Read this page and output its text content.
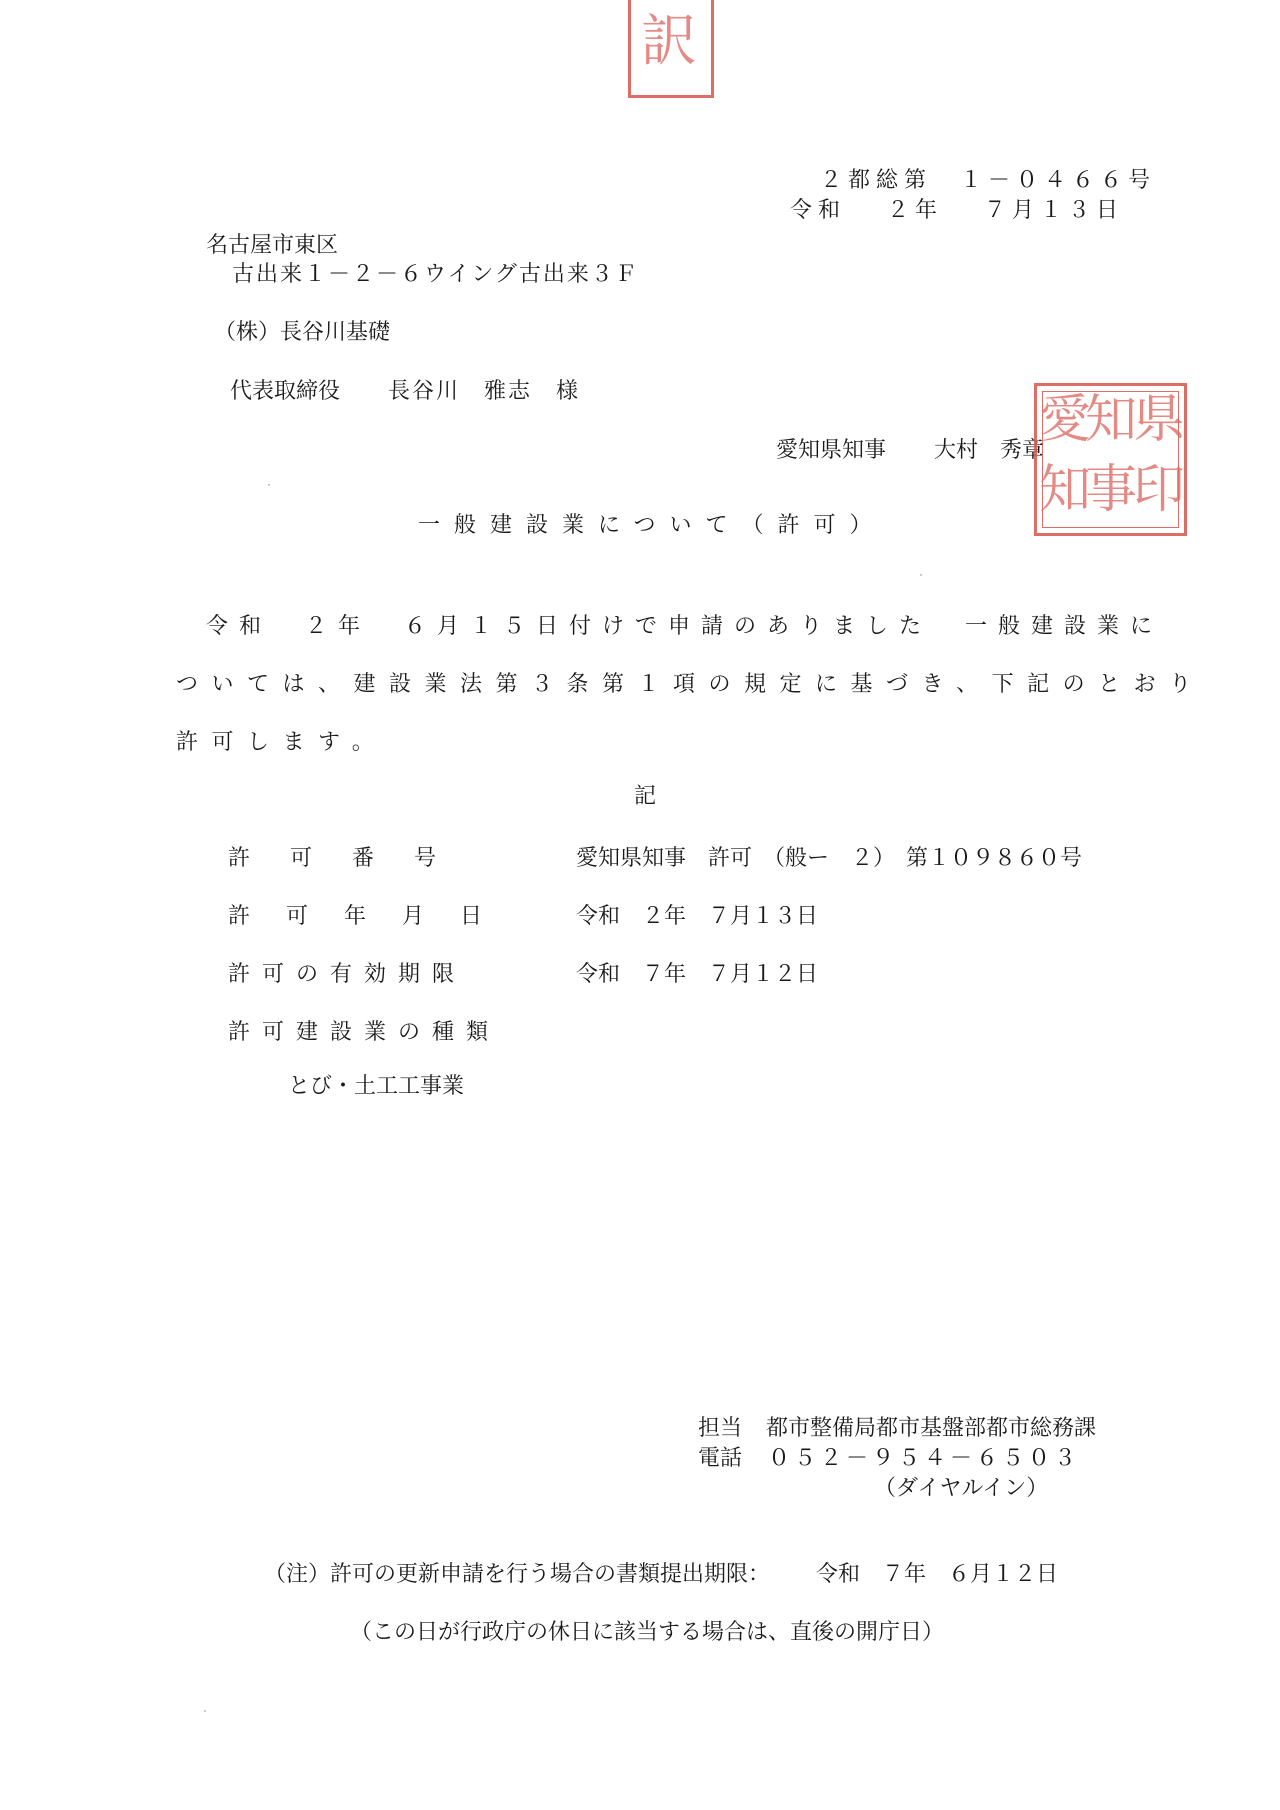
訳
２都総第　１－０４６６号
令和　 ２年　 ７月１３日
名古屋市東区
古出来１－２－６ウイング古出来３Ｆ
（株）長谷川基礎
代表取締役 長谷川　雅志　様
愛知県知事 大村　秀章
県
知
印
事
愛
知
一般建設業について（許可）
令和　２年　６月１５日付けで申請のありました　一般建設業に
ついては、建設業法第３条第１項の規定に基づき、下記のとおり
許可します。
記
許　可　番　号	愛知県知事　許可　（般ー　２）　第１０９８６０号
許　可　年　月　日	令和　２年　７月１３日
許可の有効期限	令和　７年　７月１２日
許可建設業の種類
とび・土工工事業
担当 都市整備局都市基盤部都市総務課
電話 ０５２－９５４－６５０３
（ダイヤルイン）
（注）許可の更新申請を行う場合の書類提出期限： 令和　７年　６月１２日
（この日が行政庁の休日に該当する場合は、直後の開庁日）
